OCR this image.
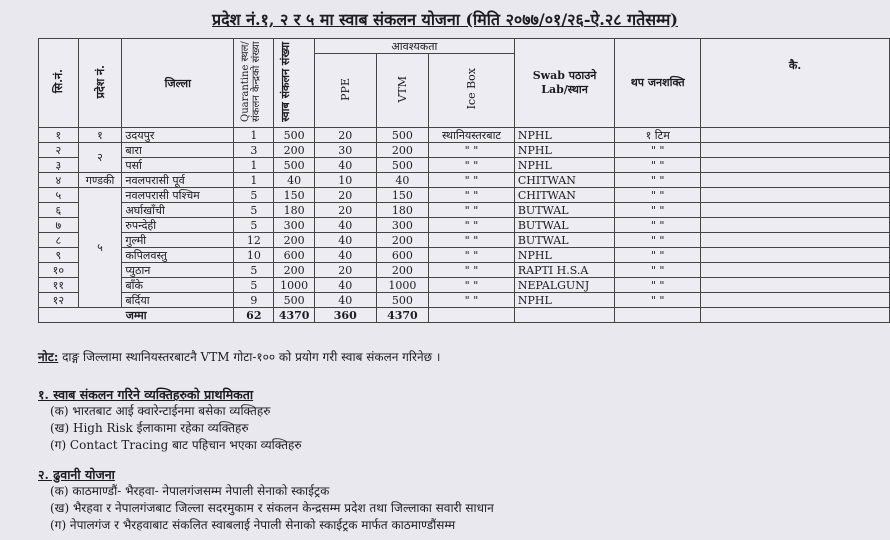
प्रदेश नं.१, २ र ५ मा स्वाब संकलन योजना (मिति २०७७/०१/२६-ऐ.२८ गतेसम्म)
सि.नं.	प्रदेश नं.	जिल्ला	Quarantine स्थल/संकलन केन्द्रको संख्या	स्वाब संकलन संख्या	आवश्यकता			Swab पठाउने Lab/स्थान	थप जनशक्ति	कै.
					PPE	VTM	Ice Box			
१	१	उदयपुर	1	500	20	500	स्थानियस्तरबाट	NPHL	१ टिम	
२	२	बारा	3	200	30	200	" "	NPHL	" "	
३		पर्सा	1	500	40	500	" "	NPHL	" "	
४	गण्डकी	नवलपरासी पूर्व	1	40	10	40	" "	CHITWAN	" "	
५	५	नवलपरासी पश्चिम	5	150	20	150	" "	CHITWAN	" "	
६		अर्घाखाँची	5	180	20	180	" "	BUTWAL	" "	
७		रुपन्देही	5	300	40	300	" "	BUTWAL	" "	
८		गुल्मी	12	200	40	200	" "	BUTWAL	" "	
९		कपिलवस्तु	10	600	40	600	" "	NPHL	" "	
१०		प्युठान	5	200	20	200	" "	RAPTI H.S.A	" "	
११		बाँके	5	1000	40	1000	" "	NEPALGUNJ	" "	
१२		बर्दिया	9	500	40	500	" "	NPHL	" "	
जम्मा			62	4370	360	4370				
नोट: दाङ्ग जिल्लामा स्थानियस्तरबाटनै VTM गोटा-१०० को प्रयोग गरी स्वाब संकलन गरिनेछ ।
१. स्वाब संकलन गरिने व्यक्तिहरुको प्राथमिकता
(क) भारतबाट आई क्वारेन्टाईनमा बसेका व्यक्तिहरु
(ख) High Risk ईलाकामा रहेका व्यक्तिहरु
(ग) Contact Tracing बाट पहिचान भएका व्यक्तिहरु
२. ढुवानी योजना
(क) काठमाण्डौं- भैरहवा- नेपालगंजसम्म नेपाली सेनाको स्काईट्रक
(ख) भैरहवा र नेपालगंजबाट जिल्ला सदरमुकाम र संकलन केन्द्रसम्म प्रदेश तथा जिल्लाका सवारी साधान
(ग) नेपालगंज र भैरहवाबाट संकलित स्वाबलाई नेपाली सेनाको स्काईट्रक मार्फत काठमाण्डौंसम्म
